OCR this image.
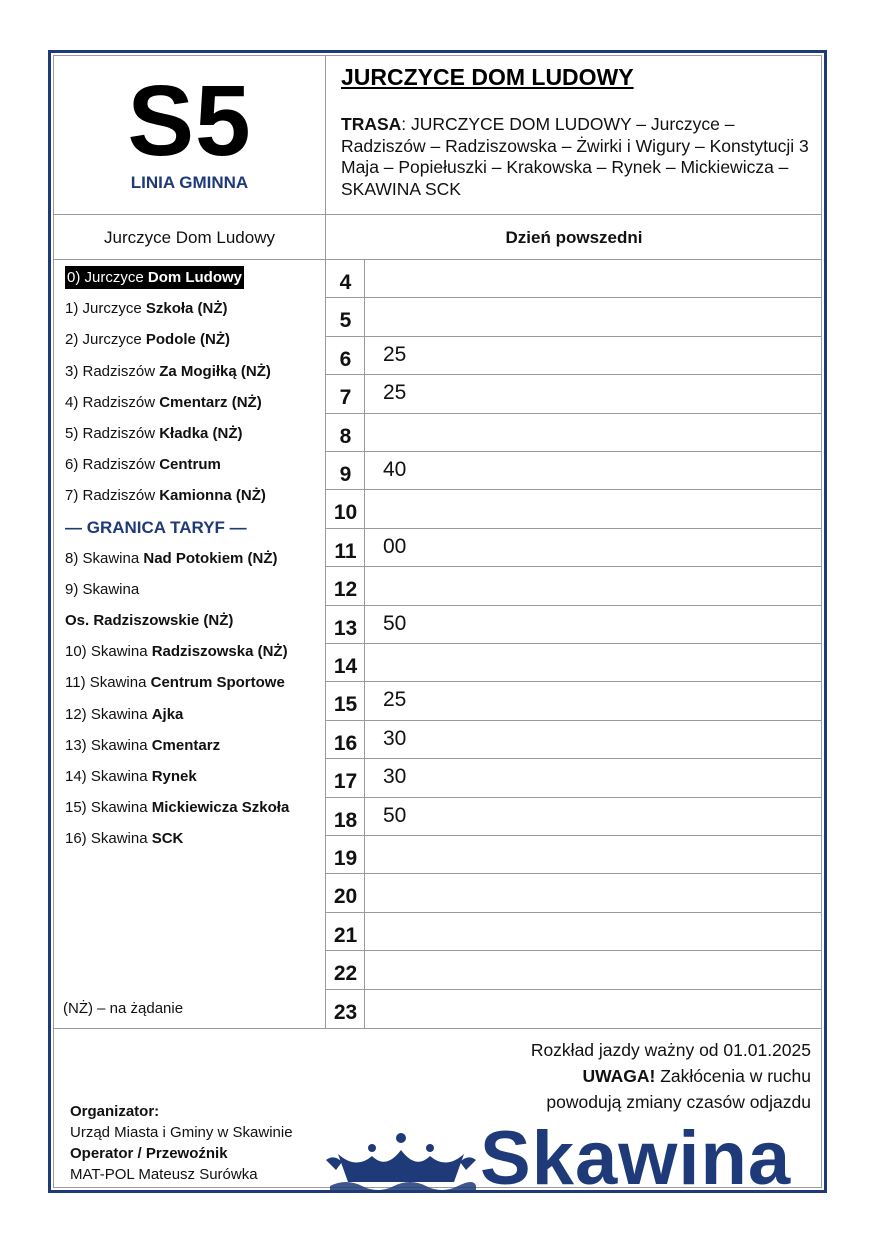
S5
LINIA GMINNA
JURCZYCE DOM LUDOWY
TRASA: JURCZYCE DOM LUDOWY – Jurczyce – Radziszów – Radziszowska – Żwirki i Wigury – Konstytucji 3 Maja – Popiełuszki – Krakowska – Rynek – Mickiewicza – SKAWINA SCK
Jurczyce Dom Ludowy	Dzień powszedni
0) Jurczyce Dom Ludowy
1) Jurczyce Szkoła (NŻ)
2) Jurczyce Podole (NŻ)
3) Radziszów Za Mogiłką (NŻ)
4) Radziszów Cmentarz (NŻ)
5) Radziszów Kładka (NŻ)
6) Radziszów Centrum
7) Radziszów Kamionna (NŻ)
— GRANICA TARYF —
8) Skawina Nad Potokiem (NŻ)
9) Skawina
Os. Radziszowskie (NŻ)
10) Skawina Radziszowska (NŻ)
11) Skawina Centrum Sportowe
12) Skawina Ajka
13) Skawina Cmentarz
14) Skawina Rynek
15) Skawina Mickiewicza Szkoła
16) Skawina SCK
(NŻ) – na żądanie
4
5
6	25
7	25
8
9	40
10
11	00
12
13	50
14
15	25
16	30
17	30
18	50
19
20
21
22
23
Rozkład jazdy ważny od 01.01.2025
UWAGA! Zakłócenia w ruchu
powodują zmiany czasów odjazdu
Organizator:
Urząd Miasta i Gminy w Skawinie
Operator / Przewoźnik
MAT-POL Mateusz Surówka	Skawina
